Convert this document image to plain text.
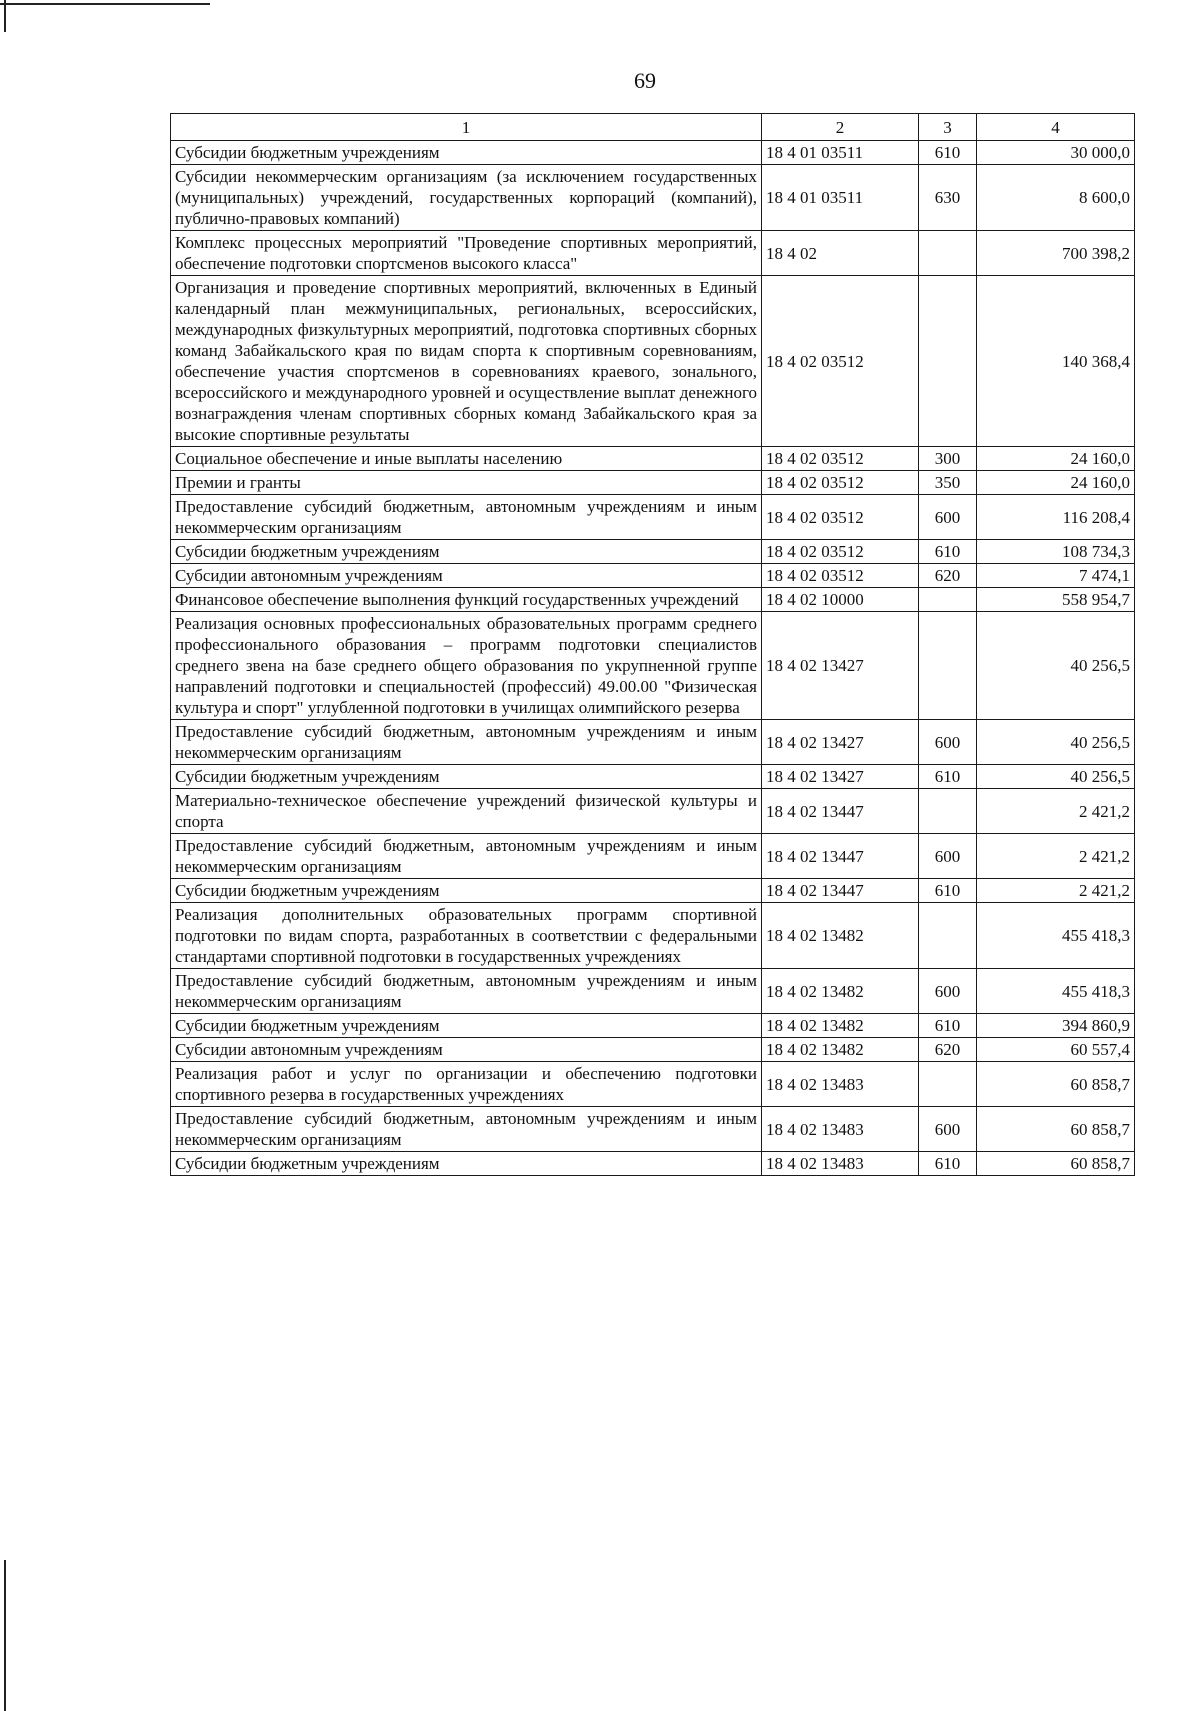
69
1	2	3	4
Субсидии бюджетным учреждениям	18 4 01 03511	610	30 000,0
Субсидии некоммерческим организациям (за исключением государственных (муниципальных) учреждений, государственных корпораций (компаний), публично-правовых компаний)	18 4 01 03511	630	8 600,0
Комплекс процессных мероприятий "Проведение спортивных мероприятий, обеспечение подготовки спортсменов высокого класса"	18 4 02		700 398,2
Организация и проведение спортивных мероприятий, включенных в Единый календарный план межмуниципальных, региональных, всероссийских, международных физкультурных мероприятий, подготовка спортивных сборных команд Забайкальского края по видам спорта к спортивным соревнованиям, обеспечение участия спортсменов в соревнованиях краевого, зонального, всероссийского и международного уровней и осуществление выплат денежного вознаграждения членам спортивных сборных команд Забайкальского края за высокие спортивные результаты	18 4 02 03512		140 368,4
Социальное обеспечение и иные выплаты населению	18 4 02 03512	300	24 160,0
Премии и гранты	18 4 02 03512	350	24 160,0
Предоставление субсидий бюджетным, автономным учреждениям и иным некоммерческим организациям	18 4 02 03512	600	116 208,4
Субсидии бюджетным учреждениям	18 4 02 03512	610	108 734,3
Субсидии автономным учреждениям	18 4 02 03512	620	7 474,1
Финансовое обеспечение выполнения функций государственных учреждений	18 4 02 10000		558 954,7
Реализация основных профессиональных образовательных программ среднего профессионального образования – программ подготовки специалистов среднего звена на базе среднего общего образования по укрупненной группе направлений подготовки и специальностей (профессий) 49.00.00 "Физическая культура и спорт" углубленной подготовки в училищах олимпийского резерва	18 4 02 13427		40 256,5
Предоставление субсидий бюджетным, автономным учреждениям и иным некоммерческим организациям	18 4 02 13427	600	40 256,5
Субсидии бюджетным учреждениям	18 4 02 13427	610	40 256,5
Материально-техническое обеспечение учреждений физической культуры и спорта	18 4 02 13447		2 421,2
Предоставление субсидий бюджетным, автономным учреждениям и иным некоммерческим организациям	18 4 02 13447	600	2 421,2
Субсидии бюджетным учреждениям	18 4 02 13447	610	2 421,2
Реализация дополнительных образовательных программ спортивной подготовки по видам спорта, разработанных в соответствии с федеральными стандартами спортивной подготовки в государственных учреждениях	18 4 02 13482		455 418,3
Предоставление субсидий бюджетным, автономным учреждениям и иным некоммерческим организациям	18 4 02 13482	600	455 418,3
Субсидии бюджетным учреждениям	18 4 02 13482	610	394 860,9
Субсидии автономным учреждениям	18 4 02 13482	620	60 557,4
Реализация работ и услуг по организации и обеспечению подготовки спортивного резерва в государственных учреждениях	18 4 02 13483		60 858,7
Предоставление субсидий бюджетным, автономным учреждениям и иным некоммерческим организациям	18 4 02 13483	600	60 858,7
Субсидии бюджетным учреждениям	18 4 02 13483	610	60 858,7
